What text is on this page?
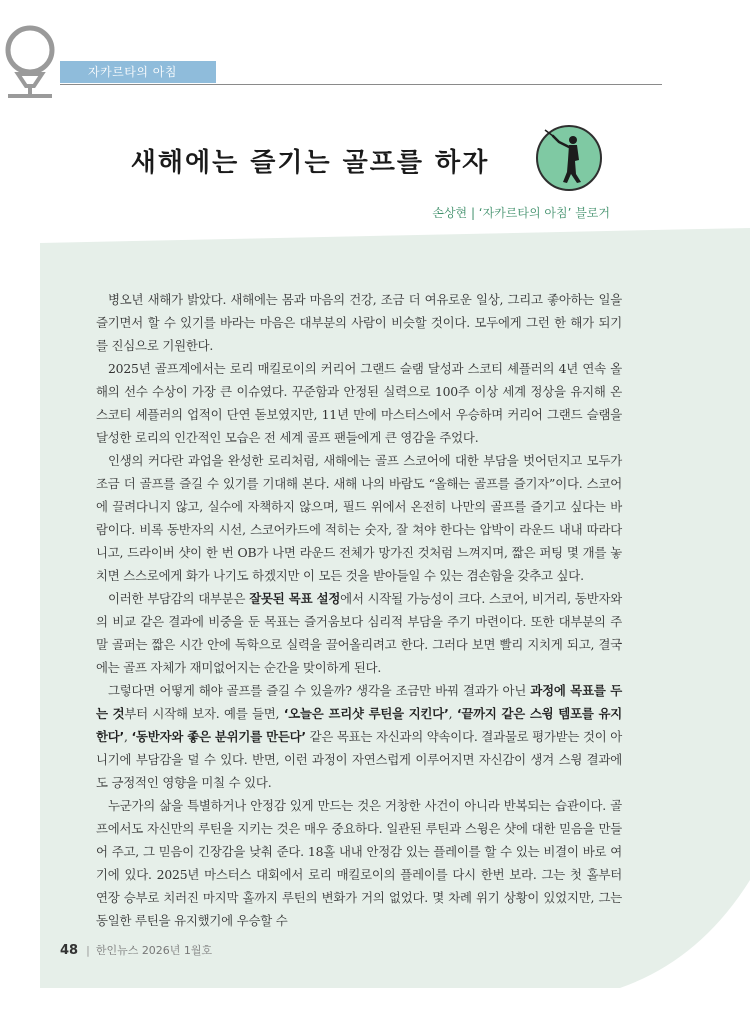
자카르타의 아침
새해에는 즐기는 골프를 하자
손상현 | ‘자카르타의 아침’ 블로거

병오년 새해가 밝았다. 새해에는 몸과 마음의 건강, 조금 더 여유로운 일상, 그리고 좋아하는 일을 즐기면서 할 수 있기를 바라는 마음은 대부분의 사람이 비슷할 것이다. 모두에게 그런 한 해가 되기를 진심으로 기원한다.

2025년 골프계에서는 로리 매킬로이의 커리어 그랜드 슬램 달성과 스코티 셰플러의 4년 연속 올해의 선수 수상이 가장 큰 이슈였다. 꾸준함과 안정된 실력으로 100주 이상 세계 정상을 유지해 온 스코티 셰플러의 업적이 단연 돋보였지만, 11년 만에 마스터스에서 우승하며 커리어 그랜드 슬램을 달성한 로리의 인간적인 모습은 전 세계 골프 팬들에게 큰 영감을 주었다.

인생의 커다란 과업을 완성한 로리처럼, 새해에는 골프 스코어에 대한 부담을 벗어던지고 모두가 조금 더 골프를 즐길 수 있기를 기대해 본다. 새해 나의 바람도 “올해는 골프를 즐기자”이다. 스코어에 끌려다니지 않고, 실수에 자책하지 않으며, 필드 위에서 온전히 나만의 골프를 즐기고 싶다는 바람이다. 비록 동반자의 시선, 스코어카드에 적히는 숫자, 잘 쳐야 한다는 압박이 라운드 내내 따라다니고, 드라이버 샷이 한 번 OB가 나면 라운드 전체가 망가진 것처럼 느껴지며, 짧은 퍼팅 몇 개를 놓치면 스스로에게 화가 나기도 하겠지만 이 모든 것을 받아들일 수 있는 겸손함을 갖추고 싶다.

이러한 부담감의 대부분은 잘못된 목표 설정에서 시작될 가능성이 크다. 스코어, 비거리, 동반자와의 비교 같은 결과에 비중을 둔 목표는 즐거움보다 심리적 부담을 주기 마련이다. 또한 대부분의 주말 골퍼는 짧은 시간 안에 독학으로 실력을 끌어올리려고 한다. 그러다 보면 빨리 지치게 되고, 결국에는 골프 자체가 재미없어지는 순간을 맞이하게 된다.

그렇다면 어떻게 해야 골프를 즐길 수 있을까? 생각을 조금만 바꿔 결과가 아닌 과정에 목표를 두는 것부터 시작해 보자. 예를 들면, ‘오늘은 프리샷 루틴을 지킨다’, ‘끝까지 같은 스윙 템포를 유지한다’, ‘동반자와 좋은 분위기를 만든다’ 같은 목표는 자신과의 약속이다. 결과물로 평가받는 것이 아니기에 부담감을 덜 수 있다. 반면, 이런 과정이 자연스럽게 이루어지면 자신감이 생겨 스윙 결과에도 긍정적인 영향을 미칠 수 있다.

누군가의 삶을 특별하거나 안정감 있게 만드는 것은 거창한 사건이 아니라 반복되는 습관이다. 골프에서도 자신만의 루틴을 지키는 것은 매우 중요하다. 일관된 루틴과 스윙은 샷에 대한 믿음을 만들어 주고, 그 믿음이 긴장감을 낮춰 준다. 18홀 내내 안정감 있는 플레이를 할 수 있는 비결이 바로 여기에 있다. 2025년 마스터스 대회에서 로리 매킬로이의 플레이를 다시 한번 보라. 그는 첫 홀부터 연장 승부로 치러진 마지막 홀까지 루틴의 변화가 거의 없었다. 몇 차례 위기 상황이 있었지만, 그는 동일한 루틴을 유지했기에 우승할 수

48 | 한인뉴스 2026년 1월호
